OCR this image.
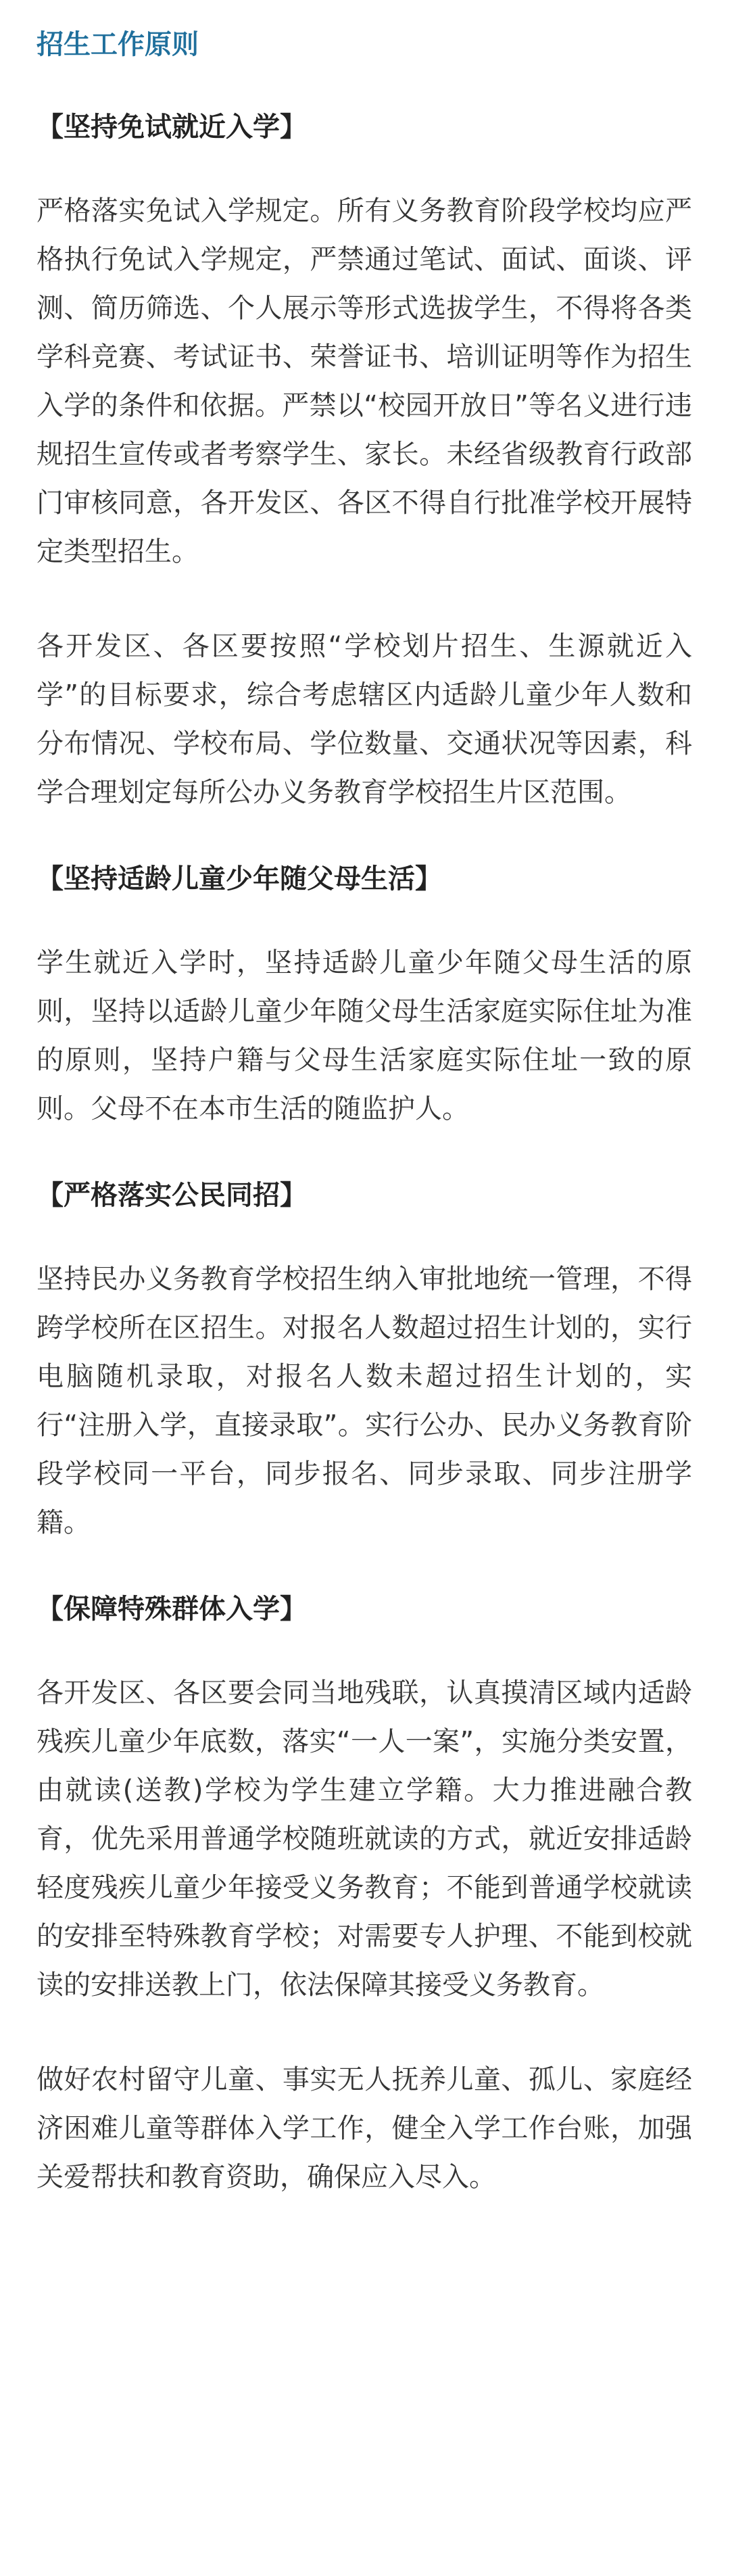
招生工作原则
【坚持免试就近入学】

严格落实免试入学规定。所有义务教育阶段学校均应严格执行免试入学规定，严禁通过笔试、面试、面谈、评测、简历筛选、个人展示等形式选拔学生，不得将各类学科竞赛、考试证书、荣誉证书、培训证明等作为招生入学的条件和依据。严禁以“校园开放日”等名义进行违规招生宣传或者考察学生、家长。未经省级教育行政部门审核同意，各开发区、各区不得自行批准学校开展特定类型招生。

各开发区、各区要按照“学校划片招生、生源就近入学”的目标要求，综合考虑辖区内适龄儿童少年人数和分布情况、学校布局、学位数量、交通状况等因素，科学合理划定每所公办义务教育学校招生片区范围。

【坚持适龄儿童少年随父母生活】

学生就近入学时，坚持适龄儿童少年随父母生活的原则，坚持以适龄儿童少年随父母生活家庭实际住址为准的原则，坚持户籍与父母生活家庭实际住址一致的原则。父母不在本市生活的随监护人。

【严格落实公民同招】

坚持民办义务教育学校招生纳入审批地统一管理，不得跨学校所在区招生。对报名人数超过招生计划的，实行电脑随机录取，对报名人数未超过招生计划的，实行“注册入学，直接录取”。实行公办、民办义务教育阶段学校同一平台，同步报名、同步录取、同步注册学籍。

【保障特殊群体入学】

各开发区、各区要会同当地残联，认真摸清区域内适龄残疾儿童少年底数，落实“一人一案”，实施分类安置，由就读(送教)学校为学生建立学籍。大力推进融合教育，优先采用普通学校随班就读的方式，就近安排适龄轻度残疾儿童少年接受义务教育；不能到普通学校就读的安排至特殊教育学校；对需要专人护理、不能到校就读的安排送教上门，依法保障其接受义务教育。

做好农村留守儿童、事实无人抚养儿童、孤儿、家庭经济困难儿童等群体入学工作，健全入学工作台账，加强关爱帮扶和教育资助，确保应入尽入。
